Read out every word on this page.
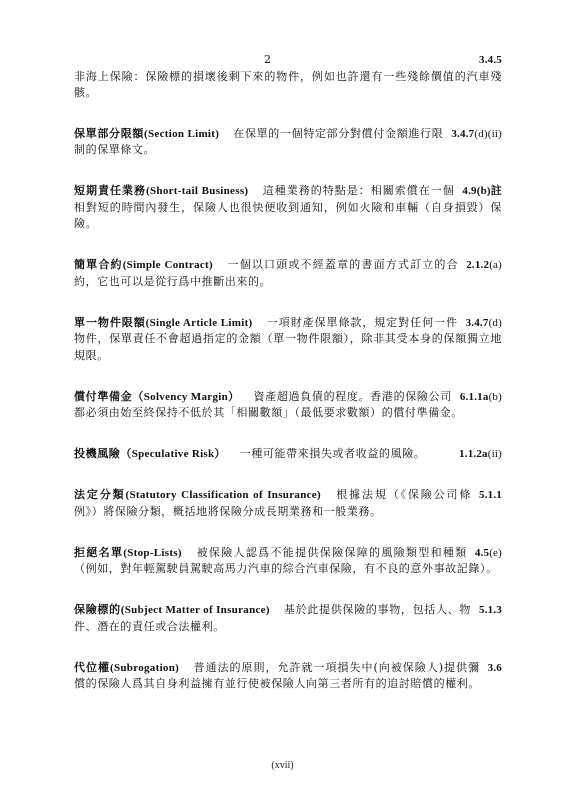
3.4.5
2　非海上保險：保險標的損壞後剩下來的物件，例如也許還有一些殘餘價值的汽車殘骸。

3.4.7(d)(ii)
保單部分限額(Section Limit) 在保單的一個特定部分對償付金額進行限制的保單條文。

4.9(b)註
短期責任業務(Short-tail Business) 這種業務的特點是：相關索償在一個相對短的時間內發生，保險人也很快便收到通知，例如火險和車輛（自身損毀）保險。

2.1.2(a)
簡單合約(Simple Contract) 一個以口頭或不經蓋章的書面方式訂立的合約，它也可以是從行爲中推斷出來的。

3.4.7(d)
單一物件限額(Single Article Limit) 一項財產保單條款，規定對任何一件物件，保單責任不會超過指定的金額（單一物件限額），除非其受本身的保額獨立地規限。

6.1.1a(b)
償付準備金（Solvency Margin） 資產超過負債的程度。香港的保險公司都必須由始至終保持不低於其「相關數額」（最低要求數額）的償付準備金。

1.1.2a(ii)
投機風險（Speculative Risk） 一種可能帶來損失或者收益的風險。

5.1.1
法定分類(Statutory Classification of Insurance) 根據法規（《保險公司條例》）將保險分類，概括地將保險分成長期業務和一般業務。

4.5(e)
拒絕名單(Stop-Lists) 被保險人認爲不能提供保險保障的風險類型和種類（例如，對年輕駕駛員駕駛高馬力汽車的綜合汽車保險，有不良的意外事故記錄）。

5.1.3
保險標的(Subject Matter of Insurance) 基於此提供保險的事物，包括人、物件、潛在的責任或合法權利。

3.6
代位權(Subrogation) 普通法的原則，允許就一項損失中(向被保險人)提供彌償的保險人爲其自身利益擁有並行使被保險人向第三者所有的追討賠償的權利。

(xvii)
